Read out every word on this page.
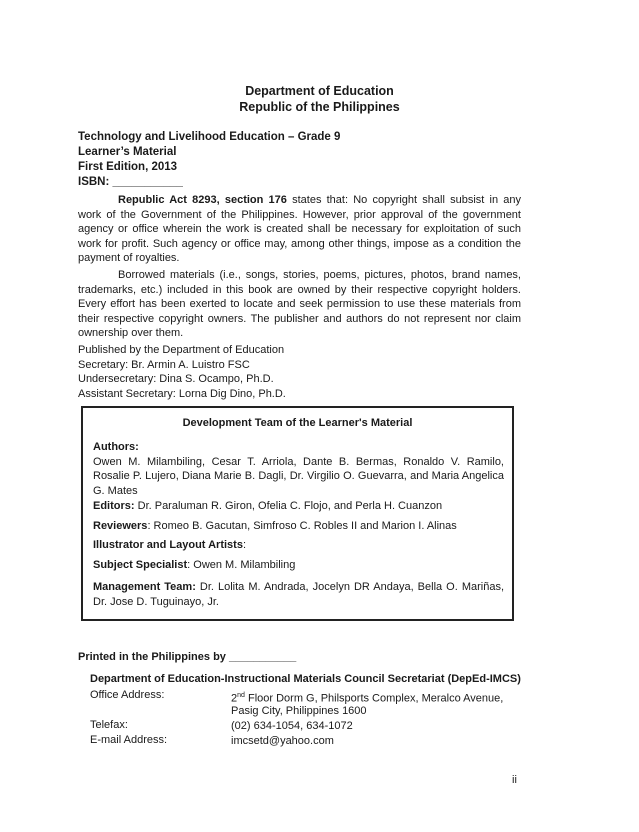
Department of Education
Republic of the Philippines
Technology and Livelihood Education – Grade 9
Learner’s Material
First Edition, 2013
ISBN: ___________

Republic Act 8293, section 176 states that: No copyright shall subsist in any work of the Government of the Philippines. However, prior approval of the government agency or office wherein the work is created shall be necessary for exploitation of such work for profit. Such agency or office may, among other things, impose as a condition the payment of royalties.

Borrowed materials (i.e., songs, stories, poems, pictures, photos, brand names, trademarks, etc.) included in this book are owned by their respective copyright holders. Every effort has been exerted to locate and seek permission to use these materials from their respective copyright owners. The publisher and authors do not represent nor claim ownership over them.

Published by the Department of Education
Secretary: Br. Armin A. Luistro FSC
Undersecretary: Dina S. Ocampo, Ph.D.
Assistant Secretary: Lorna Dig Dino, Ph.D.
Development Team of the Learner's Material
Authors:
Owen M. Milambiling, Cesar T. Arriola, Dante B. Bermas, Ronaldo V. Ramilo, Rosalie P. Lujero, Diana Marie B. Dagli, Dr. Virgilio O. Guevarra, and Maria Angelica G. Mates
Editors: Dr. Paraluman R. Giron, Ofelia C. Flojo, and Perla H. Cuanzon
Reviewers: Romeo B. Gacutan, Simfroso C. Robles II and Marion I. Alinas
Illustrator and Layout Artists:
Subject Specialist: Owen M. Milambiling
Management Team: Dr. Lolita M. Andrada, Jocelyn DR Andaya, Bella O. Mariñas, Dr. Jose D. Tuguinayo, Jr.
Printed in the Philippines by ___________
Department of Education-Instructional Materials Council Secretariat (DepEd-IMCS)
Office Address:	2nd Floor Dorm G, Philsports Complex, Meralco Avenue,
Pasig City, Philippines 1600
Telefax:	(02) 634-1054, 634-1072
E-mail Address:	imcsetd@yahoo.com
ii
